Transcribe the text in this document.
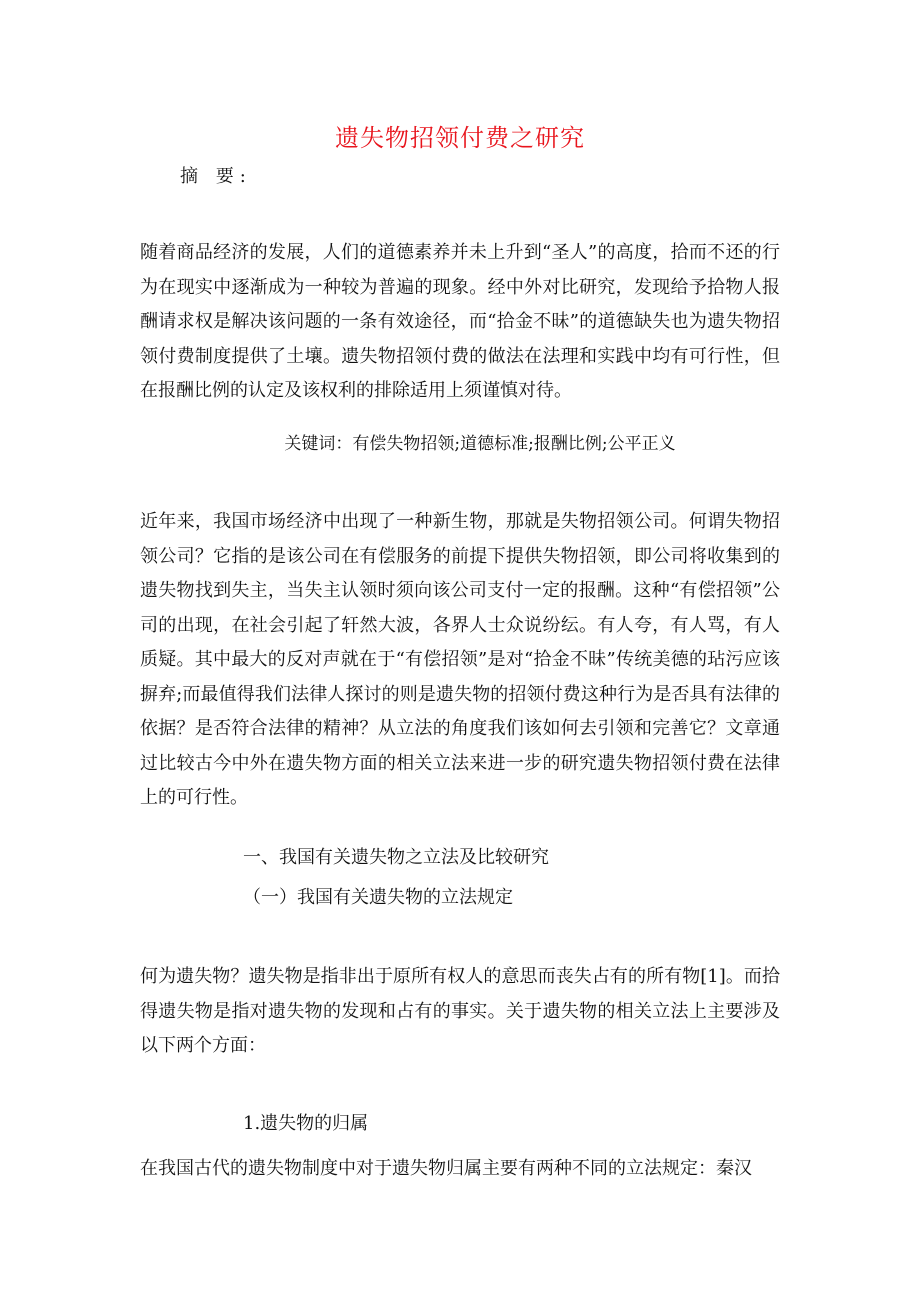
遗失物招领付费之研究
摘 要:
随着商品经济的发展，人们的道德素养并未上升到“圣人”的高度，拾而不还的行为在现实中逐渐成为一种较为普遍的现象。经中外对比研究，发现给予拾物人报酬请求权是解决该问题的一条有效途径，而“拾金不昧”的道德缺失也为遗失物招领付费制度提供了土壤。遗失物招领付费的做法在法理和实践中均有可行性，但在报酬比例的认定及该权利的排除适用上须谨慎对待。
关键词：有偿失物招领;道德标准;报酬比例;公平正义
近年来，我国市场经济中出现了一种新生物，那就是失物招领公司。何谓失物招领公司？它指的是该公司在有偿服务的前提下提供失物招领，即公司将收集到的遗失物找到失主，当失主认领时须向该公司支付一定的报酬。这种“有偿招领”公司的出现，在社会引起了轩然大波，各界人士众说纷纭。有人夸，有人骂，有人质疑。其中最大的反对声就在于“有偿招领”是对“拾金不昧”传统美德的玷污应该摒弃;而最值得我们法律人探讨的则是遗失物的招领付费这种行为是否具有法律的依据？是否符合法律的精神？从立法的角度我们该如何去引领和完善它？文章通过比较古今中外在遗失物方面的相关立法来进一步的研究遗失物招领付费在法律上的可行性。
一、我国有关遗失物之立法及比较研究
（一）我国有关遗失物的立法规定
何为遗失物？遗失物是指非出于原所有权人的意思而丧失占有的所有物[1]。而拾得遗失物是指对遗失物的发现和占有的事实。关于遗失物的相关立法上主要涉及以下两个方面：
1.遗失物的归属
在我国古代的遗失物制度中对于遗失物归属主要有两种不同的立法规定：秦汉
